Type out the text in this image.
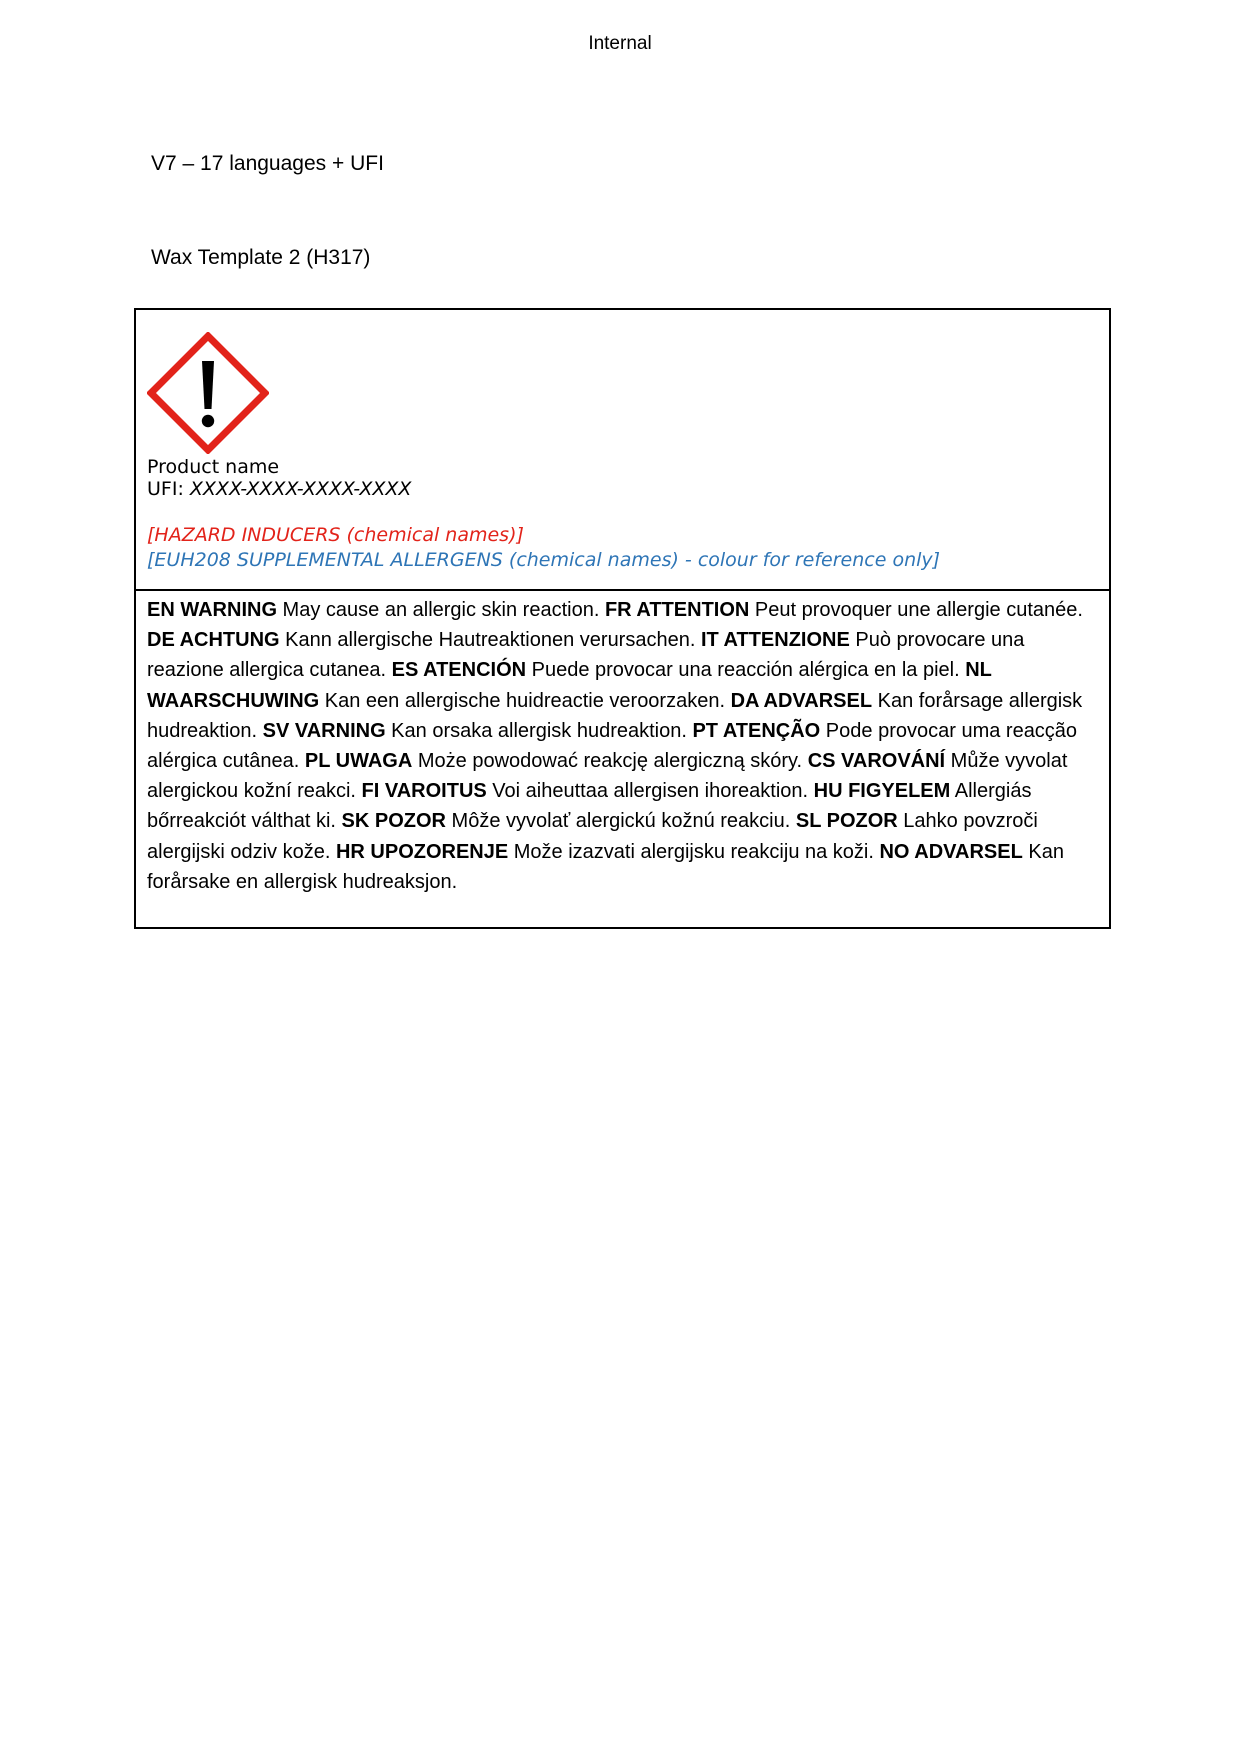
Internal
V7 – 17 languages + UFI
Wax Template 2 (H317)
Product name
UFI: XXXX-XXXX-XXXX-XXXX
[HAZARD INDUCERS (chemical names)]
[EUH208 SUPPLEMENTAL ALLERGENS (chemical names) - colour for reference only]
EN WARNING May cause an allergic skin reaction. FR ATTENTION Peut provoquer une allergie cutanée. DE ACHTUNG Kann allergische Hautreaktionen verursachen. IT ATTENZIONE Può provocare una reazione allergica cutanea. ES ATENCIÓN Puede provocar una reacción alérgica en la piel. NL WAARSCHUWING Kan een allergische huidreactie veroorzaken. DA ADVARSEL Kan forårsage allergisk hudreaktion. SV VARNING Kan orsaka allergisk hudreaktion. PT ATENÇÃO Pode provocar uma reacção alérgica cutânea. PL UWAGA Może powodować reakcję alergiczną skóry. CS VAROVÁNÍ Může vyvolat alergickou kožní reakci. FI VAROITUS Voi aiheuttaa allergisen ihoreaktion. HU FIGYELEM Allergiás bőrreakciót válthat ki. SK POZOR Môže vyvolať alergickú kožnú reakciu. SL POZOR Lahko povzroči alergijski odziv kože. HR UPOZORENJE Može izazvati alergijsku reakciju na koži. NO ADVARSEL Kan forårsake en allergisk hudreaksjon.
